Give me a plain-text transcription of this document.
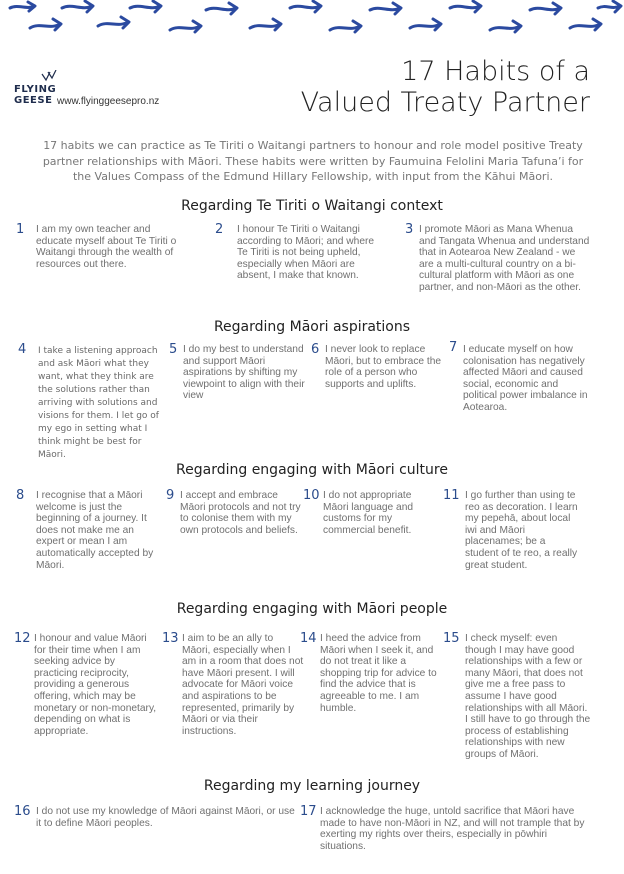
FLYING GEESE www.flyinggeesepro.nz
17 Habits of a
Valued Treaty Partner
17 habits we can practice as Te Tiriti o Waitangi partners to honour and role model positive Treaty partner relationships with Māori. These habits were written by Faumuina Felolini Maria Tafuna’i for the Values Compass of the Edmund Hillary Fellowship, with input from the Kāhui Māori.
Regarding Te Tiriti o Waitangi context
1 I am my own teacher and educate myself about Te Tiriti o Waitangi through the wealth of resources out there.
2 I honour Te Tiriti o Waitangi according to Māori; and where Te Tiriti is not being upheld, especially when Māori are absent, I make that known.
3 I promote Māori as Mana Whenua and Tangata Whenua and understand that in Aotearoa New Zealand - we are a multi-cultural country on a bi-cultural platform with Māori as one partner, and non-Māori as the other.
Regarding Māori aspirations
4 I take a listening approach and ask Māori what they want, what they think are the solutions rather than arriving with solutions and visions for them. I let go of my ego in setting what I think might be best for Māori.
5 I do my best to understand and support Māori aspirations by shifting my viewpoint to align with their view
6 I never look to replace Māori, but to embrace the role of a person who supports and uplifts.
7 I educate myself on how colonisation has negatively affected Māori and caused social, economic and political power imbalance in Aotearoa.
Regarding engaging with Māori culture
8 I recognise that a Māori welcome is just the beginning of a journey. It does not make me an expert or mean I am automatically accepted by Māori.
9 I accept and embrace Māori protocols and not try to colonise them with my own protocols and beliefs.
10 I do not appropriate Māori language and customs for my commercial benefit.
11 I go further than using te reo as decoration. I learn my pepehā, about local iwi and Māori placenames; be a student of te reo, a really great student.
Regarding engaging with Māori people
12 I honour and value Māori for their time when I am seeking advice by practicing reciprocity, providing a generous offering, which may be monetary or non-monetary, depending on what is appropriate.
13 I aim to be an ally to Māori, especially when I am in a room that does not have Māori present. I will advocate for Māori voice and aspirations to be represented, primarily by Māori or via their instructions.
14 I heed the advice from Māori when I seek it, and do not treat it like a shopping trip for advice to find the advice that is agreeable to me. I am humble.
15 I check myself: even though I may have good relationships with a few or many Māori, that does not give me a free pass to assume I have good relationships with all Māori. I still have to go through the process of establishing relationships with new groups of Māori.
Regarding my learning journey
16 I do not use my knowledge of Māori against Māori, or use it to define Māori peoples.
17 I acknowledge the huge, untold sacrifice that Māori have made to have non-Māori in NZ, and will not trample that by exerting my rights over theirs, especially in pōwhiri situations.
